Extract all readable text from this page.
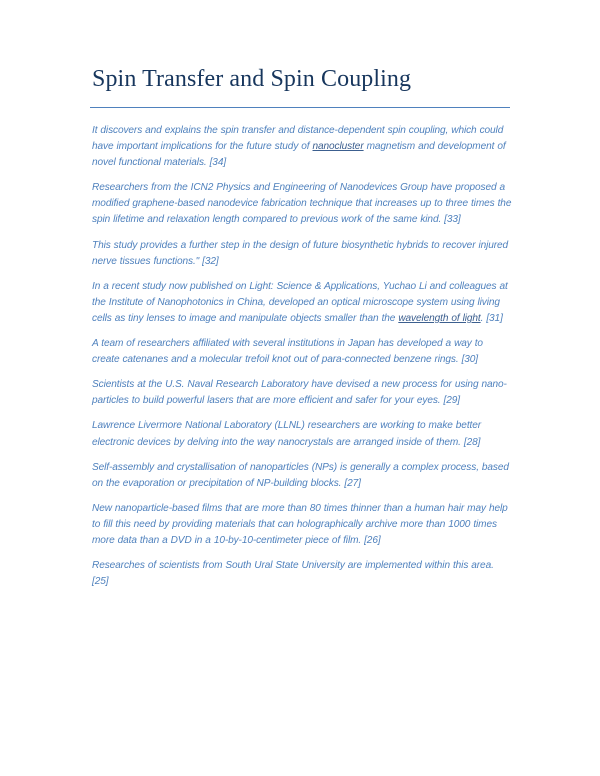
Spin Transfer and Spin Coupling

It discovers and explains the spin transfer and distance-dependent spin coupling, which could have important implications for the future study of nanocluster magnetism and development of novel functional materials. [34]

Researchers from the ICN2 Physics and Engineering of Nanodevices Group have proposed a modified graphene-based nanodevice fabrication technique that increases up to three times the spin lifetime and relaxation length compared to previous work of the same kind. [33]

This study provides a further step in the design of future biosynthetic hybrids to recover injured nerve tissues functions." [32]

In a recent study now published on Light: Science & Applications, Yuchao Li and colleagues at the Institute of Nanophotonics in China, developed an optical microscope system using living cells as tiny lenses to image and manipulate objects smaller than the wavelength of light. [31]

A team of researchers affiliated with several institutions in Japan has developed a way to create catenanes and a molecular trefoil knot out of para-connected benzene rings. [30]

Scientists at the U.S. Naval Research Laboratory have devised a new process for using nano-particles to build powerful lasers that are more efficient and safer for your eyes. [29]

Lawrence Livermore National Laboratory (LLNL) researchers are working to make better electronic devices by delving into the way nanocrystals are arranged inside of them. [28]

Self-assembly and crystallisation of nanoparticles (NPs) is generally a complex process, based on the evaporation or precipitation of NP-building blocks. [27]

New nanoparticle-based films that are more than 80 times thinner than a human hair may help to fill this need by providing materials that can holographically archive more than 1000 times more data than a DVD in a 10-by-10-centimeter piece of film. [26]

Researches of scientists from South Ural State University are implemented within this area. [25]
